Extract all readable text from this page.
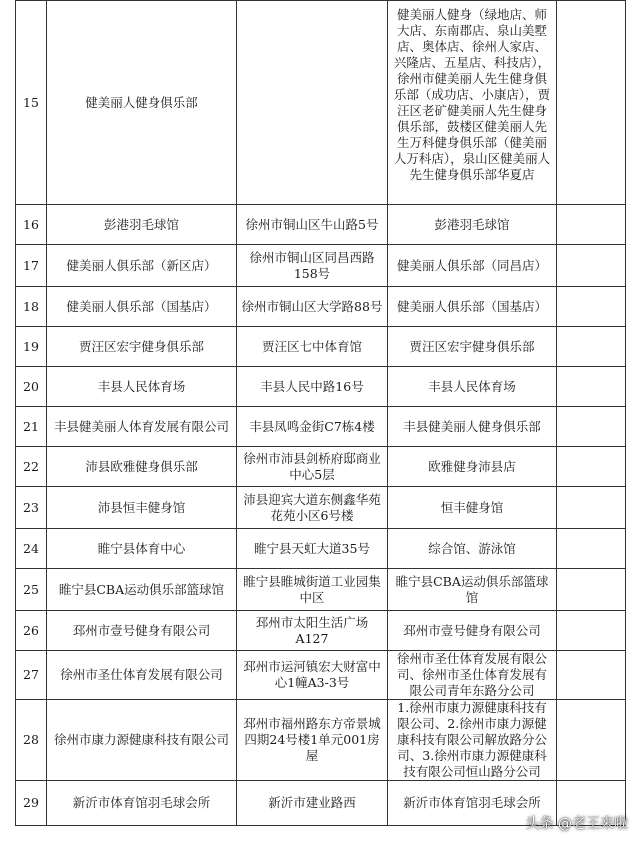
15	健美丽人健身俱乐部		健美丽人健身（绿地店、师大店、东南郡店、泉山美墅店、奥体店、徐州人家店、兴隆店、五星店、科技店），徐州市健美丽人先生健身俱乐部（成功店、小康店），贾汪区老矿健美丽人先生健身俱乐部，鼓楼区健美丽人先生万科健身俱乐部（健美丽人万科店），泉山区健美丽人先生健身俱乐部华夏店	
16	彭港羽毛球馆	徐州市铜山区牛山路5号	彭港羽毛球馆	
17	健美丽人俱乐部（新区店）	徐州市铜山区同昌西路158号	健美丽人俱乐部（同昌店）	
18	健美丽人俱乐部（国基店）	徐州市铜山区大学路88号	健美丽人俱乐部（国基店）	
19	贾汪区宏宇健身俱乐部	贾汪区七中体育馆	贾汪区宏宇健身俱乐部	
20	丰县人民体育场	丰县人民中路16号	丰县人民体育场	
21	丰县健美丽人体育发展有限公司	丰县凤鸣金街C7栋4楼	丰县健美丽人健身俱乐部	
22	沛县欧雅健身俱乐部	徐州市沛县剑桥府邸商业中心5层	欧雅健身沛县店	
23	沛县恒丰健身馆	沛县迎宾大道东侧鑫华苑花苑小区6号楼	恒丰健身馆	
24	睢宁县体育中心	睢宁县天虹大道35号	综合馆、游泳馆	
25	睢宁县CBA运动俱乐部篮球馆	睢宁县睢城街道工业园集中区	睢宁县CBA运动俱乐部篮球馆	
26	邳州市壹号健身有限公司	邳州市太阳生活广场A127	邳州市壹号健身有限公司	
27	徐州市圣仕体育发展有限公司	邳州市运河镇宏大财富中心1幢A3-3号	徐州市圣仕体育发展有限公司、徐州市圣仕体育发展有限公司青年东路分公司	
28	徐州市康力源健康科技有限公司	邳州市福州路东方帝景城四期24号楼1单元001房屋	1.徐州市康力源健康科技有限公司、2.徐州市康力源健康科技有限公司解放路分公司、3.徐州市康力源健康科技有限公司恒山路分公司	
29	新沂市体育馆羽毛球会所	新沂市建业路西	新沂市体育馆羽毛球会所	
头条 @老王来啦
